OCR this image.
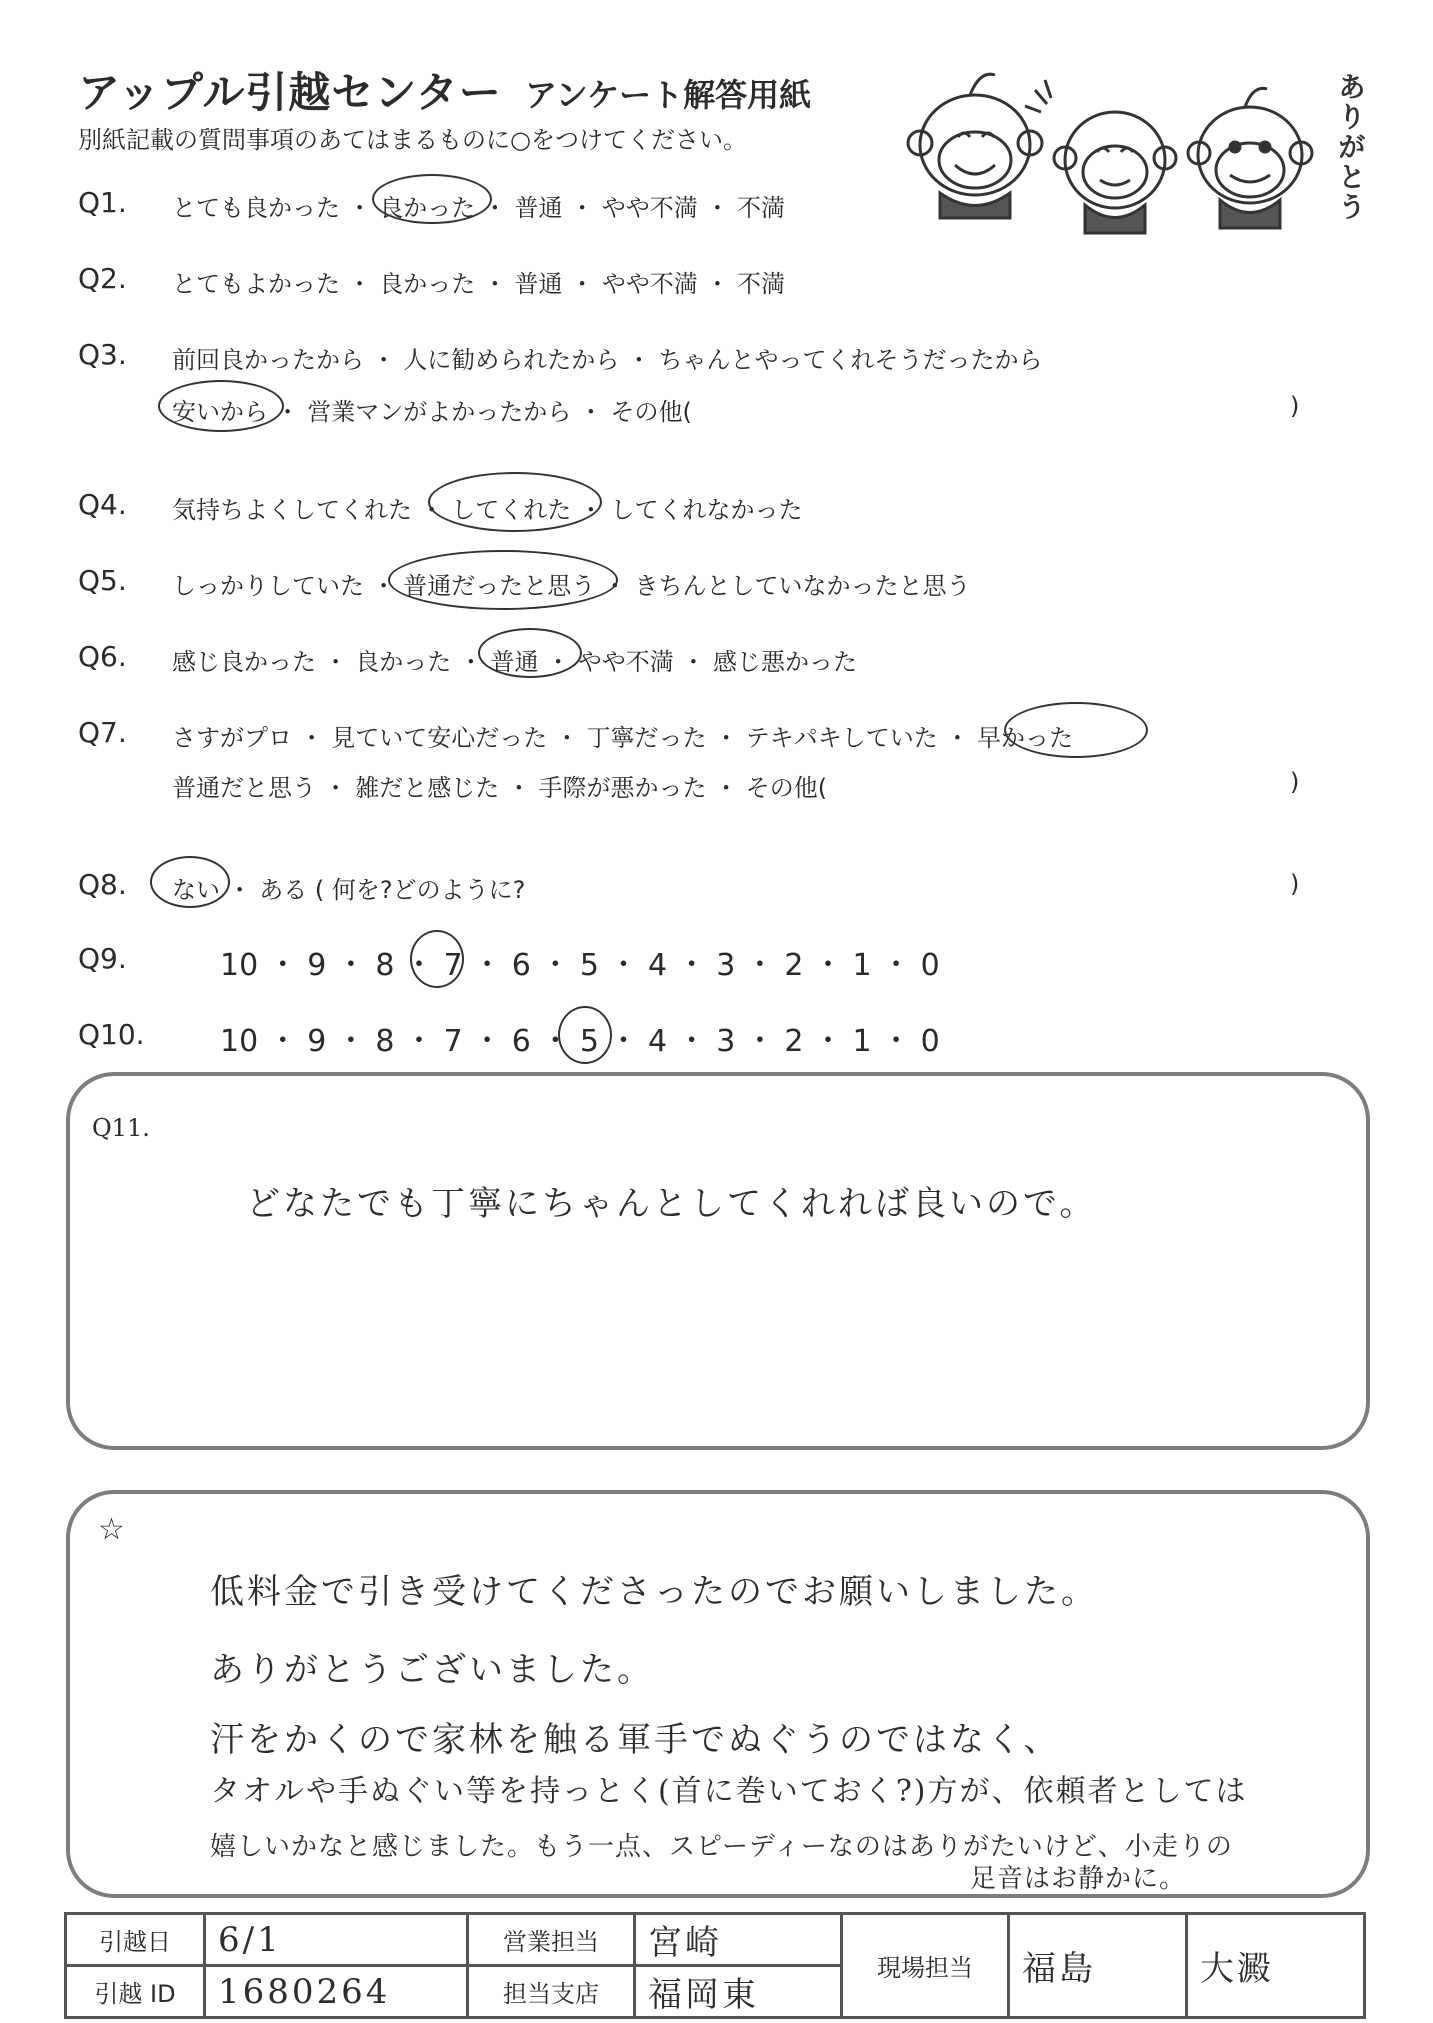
アップル引越センター アンケート解答用紙
別紙記載の質問事項のあてはまるものに○をつけてください。	ありがとう
Q1. とても良かった ・ 良かった ・ 普通 ・ やや不満 ・ 不満
Q2. とてもよかった ・ 良かった ・ 普通 ・ やや不満 ・ 不満
Q3. 前回良かったから ・ 人に勧められたから ・ ちゃんとやってくれそうだったから
安いから ・ 営業マンがよかったから ・ その他(	)
Q4. 気持ちよくしてくれた ・ してくれた ・ してくれなかった
Q5. しっかりしていた ・ 普通だったと思う ・ きちんとしていなかったと思う
Q6. 感じ良かった ・ 良かった ・ 普通 ・ やや不満 ・ 感じ悪かった
Q7. さすがプロ ・ 見ていて安心だった ・ 丁寧だった ・ テキパキしていた ・ 早かった
普通だと思う ・ 雑だと感じた ・ 手際が悪かった ・ その他(	)
Q8. ない ・ ある ( 何を?どのように?	)
Q9.	10 ・ 9 ・ 8 ・ 7 ・ 6 ・ 5 ・ 4 ・ 3 ・ 2 ・ 1 ・ 0
Q10.	10 ・ 9 ・ 8 ・ 7 ・ 6 ・ 5 ・ 4 ・ 3 ・ 2 ・ 1 ・ 0
Q11.
どなたでも丁寧にちゃんとしてくれれば良いので。
☆
低料金で引き受けてくださったのでお願いしました。
ありがとうございました。
汗をかくので家林を触る軍手でぬぐうのではなく、
タオルや手ぬぐい等を持っとく(首に巻いておく?)方が、依頼者としては
嬉しいかなと感じました。もう一点、スピーディーなのはありがたいけど、小走りの
足音はお静かに。
引越日	6/1	営業担当	宮崎	現場担当	福島	大澱
引越 ID	1680264	担当支店	福岡東			
